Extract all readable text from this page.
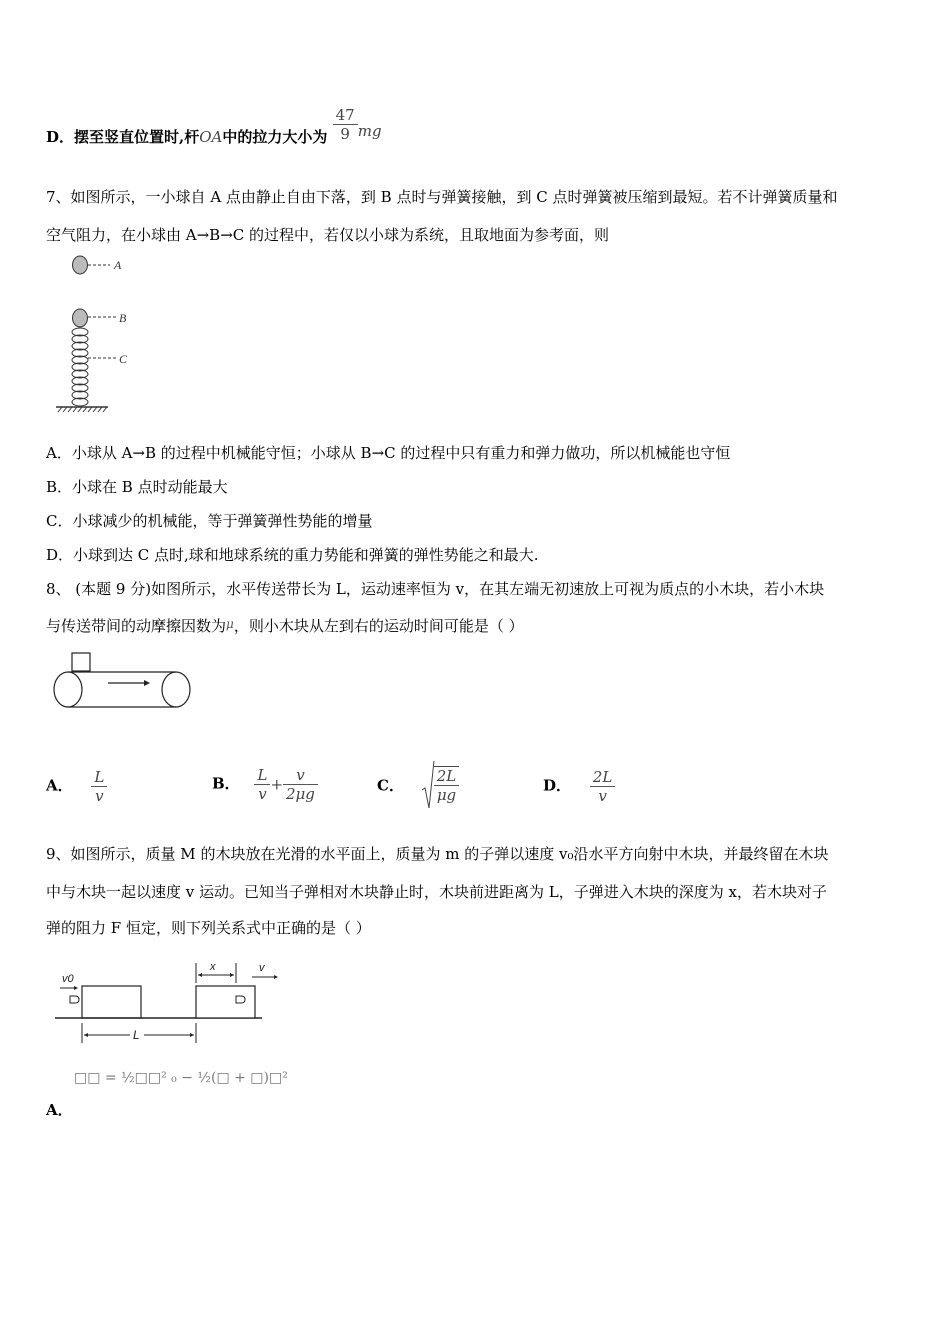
D．摆至竖直位置时,杆OA中的拉力大小为 $\frac{47}{9}$ mg
7、如图所示，一小球自 A 点由静止自由下落，到 B 点时与弹簧接触，到 C 点时弹簧被压缩到最短。若不计弹簧质量和
空气阻力，在小球由 A→B→C 的过程中，若仅以小球为系统，且取地面为参考面，则
A
B
C
A．小球从 A→B 的过程中机械能守恒；小球从 B→C 的过程中只有重力和弹力做功，所以机械能也守恒
B．小球在 B 点时动能最大
C．小球减少的机械能，等于弹簧弹性势能的增量
D．小球到达 C 点时,球和地球系统的重力势能和弹簧的弹性势能之和最大.
8、 (本题 9 分)如图所示，水平传送带长为 L，运动速率恒为 v，在其左端无初速放上可视为质点的小木块，若小木块
与传送带间的动摩擦因数为$^\mu$，则小木块从左到右的运动时间可能是（ ）
A． $\frac{L}{v}$	B． $\frac{L}{v} + \frac{v}{2\mu g}$	C． $\frac{2L}{\mu g}$	D． $\frac{2L}{v}$
9、如图所示，质量 M 的木块放在光滑的水平面上，质量为 m 的子弹以速度 v₀沿水平方向射中木块，并最终留在木块
中与木块一起以速度 v 运动。已知当子弹相对木块静止时，木块前进距离为 L，子弹进入木块的深度为 x，若木块对子
弹的阻力 F 恒定，则下列关系式中正确的是（ ）
v0
x	v
L
□□ = ½□□² ₀ − ½(□ + □)□²
A．
